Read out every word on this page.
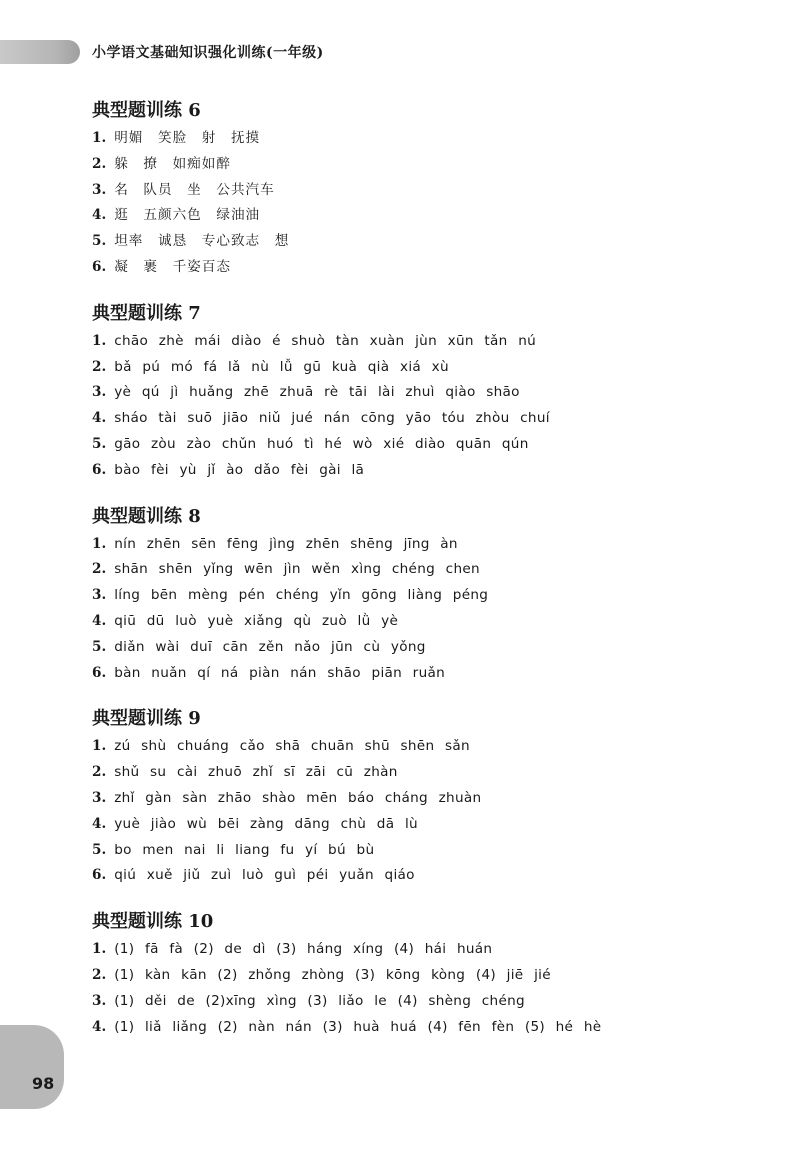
小学语文基础知识强化训练(一年级)
典型题训练 6
1. 明媚　笑脸　射　抚摸
2. 躲　撩　如痴如醉
3. 名　队员　坐　公共汽车
4. 逛　五颜六色　绿油油
5. 坦率　诚恳　专心致志　想
6. 凝　裹　千姿百态
典型题训练 7
1. chāo zhè mái diào é shuò tàn xuàn jùn xūn tǎn nú
2. bǎ pú mó fá lǎ nù lǚ gū kuà qià xiá xù
3. yè qú jì huǎng zhē zhuā rè tāi lài zhuì qiào shāo
4. sháo tài suō jiāo niǔ jué nán cōng yāo tóu zhòu chuí
5. gāo zòu zào chǔn huó tì hé wò xié diào quān qún
6. bào fèi yù jǐ ào dǎo fèi gài lā
典型题训练 8
1. nín zhēn sēn fēng jìng zhēn shēng jīng àn
2. shān shēn yǐng wēn jìn wěn xìng chéng chen
3. líng bēn mèng pén chéng yǐn gōng liàng péng
4. qiū dū luò yuè xiǎng qù zuò lǜ yè
5. diǎn wài duī cān zěn nǎo jūn cù yǒng
6. bàn nuǎn qí ná piàn nán shāo piān ruǎn
典型题训练 9
1. zú shù chuáng cǎo shā chuān shū shēn sǎn
2. shǔ su cài zhuō zhǐ sī zāi cū zhàn
3. zhǐ gàn sàn zhāo shào mēn báo cháng zhuàn
4. yuè jiào wù bēi zàng dāng chù dā lù
5. bo men nai li liang fu yí bú bù
6. qiú xuě jiǔ zuì luò guì péi yuǎn qiáo
典型题训练 10
1. (1) fā fà (2) de dì (3) háng xíng (4) hái huán
2. (1) kàn kān (2) zhǒng zhòng (3) kōng kòng (4) jiē jié
3. (1) děi de (2)xīng xìng (3) liǎo le (4) shèng chéng
4. (1) liǎ liǎng (2) nàn nán (3) huà huá (4) fēn fèn (5) hé hè
98
